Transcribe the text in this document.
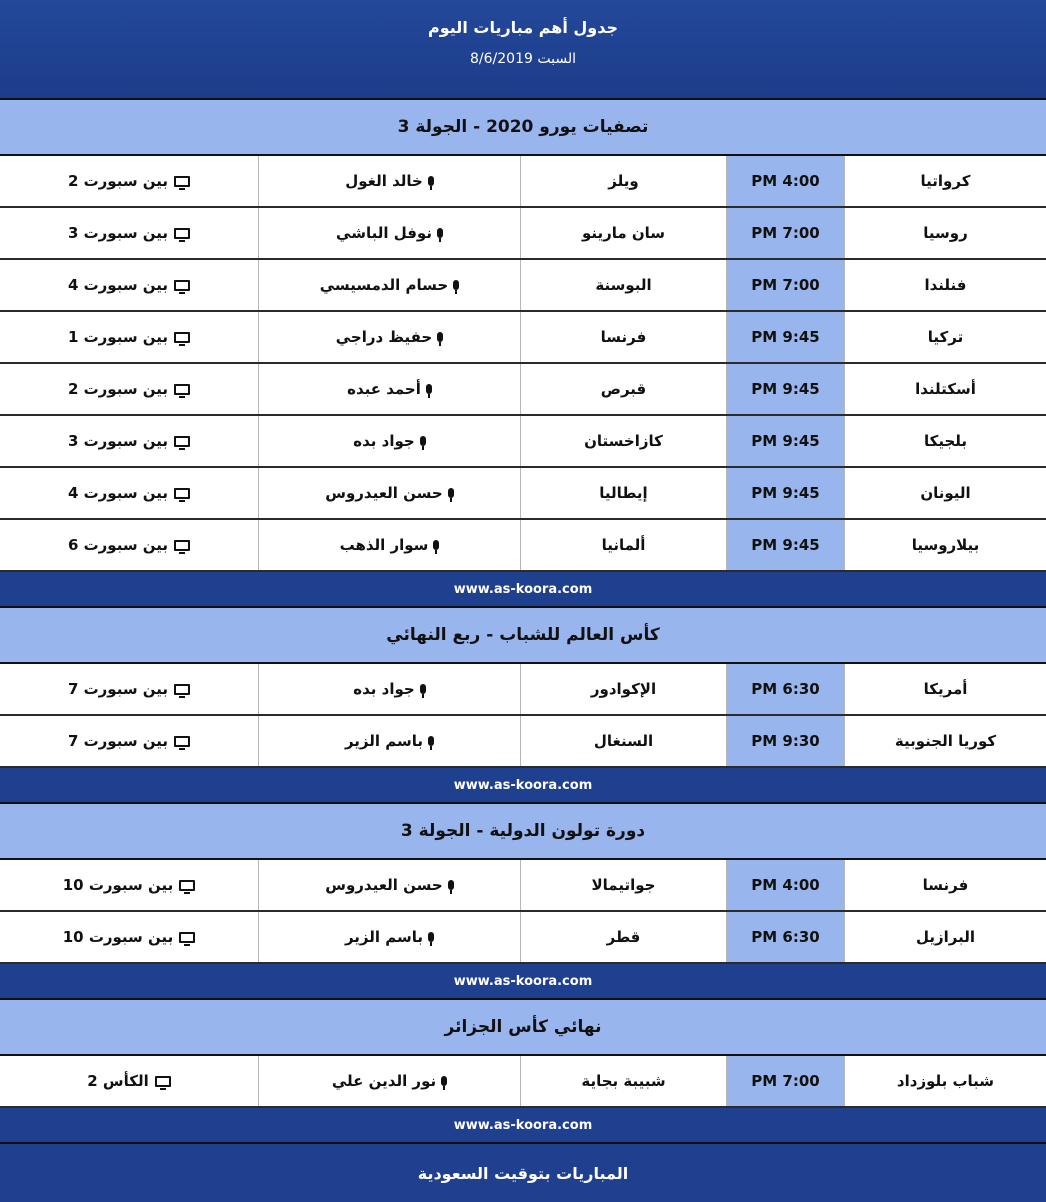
جدول أهم مباريات اليوم
السبت 8/6/2019
تصفيات يورو 2020 - الجولة 3
كرواتيا
PM 4:00
ويلز
خالد الغول
بين سبورت 2
روسيا
PM 7:00
سان مارينو
نوفل الباشي
بين سبورت 3
فنلندا
PM 7:00
البوسنة
حسام الدمسيسي
بين سبورت 4
تركيا
PM 9:45
فرنسا
حفيظ دراجي
بين سبورت 1
أسكتلندا
PM 9:45
قبرص
أحمد عبده
بين سبورت 2
بلجيكا
PM 9:45
كازاخستان
جواد بده
بين سبورت 3
اليونان
PM 9:45
إيطاليا
حسن العيدروس
بين سبورت 4
بيلاروسيا
PM 9:45
ألمانيا
سوار الذهب
بين سبورت 6
www.as-koora.com
كأس العالم للشباب - ربع النهائي
أمريكا
PM 6:30
الإكوادور
جواد بده
بين سبورت 7
كوريا الجنوبية
PM 9:30
السنغال
باسم الزير
بين سبورت 7
www.as-koora.com
دورة تولون الدولية - الجولة 3
فرنسا
PM 4:00
جواتيمالا
حسن العيدروس
بين سبورت 10
البرازيل
PM 6:30
قطر
باسم الزير
بين سبورت 10
www.as-koora.com
نهائي كأس الجزائر
شباب بلوزداد
PM 7:00
شبيبة بجاية
نور الدين علي
الكأس 2
www.as-koora.com
المباريات بتوقيت السعودية
